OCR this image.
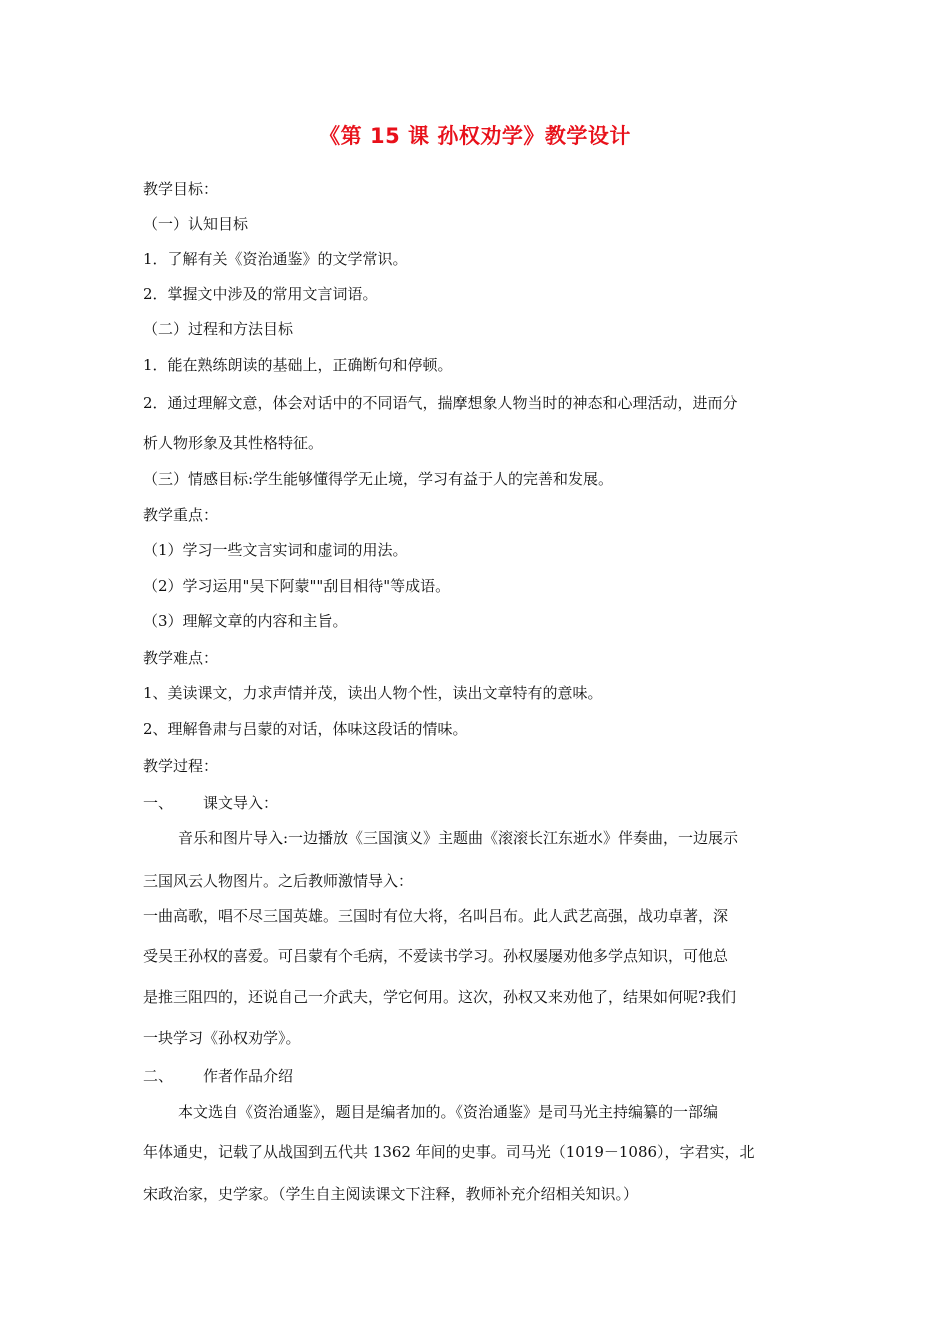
《第 15 课 孙权劝学》教学设计
教学目标：
（一）认知目标
1．了解有关《资治通鉴》的文学常识。
2．掌握文中涉及的常用文言词语。
（二）过程和方法目标
1．能在熟练朗读的基础上，正确断句和停顿。
2．通过理解文意，体会对话中的不同语气，揣摩想象人物当时的神态和心理活动，进而分
析人物形象及其性格特征。
（三）情感目标:学生能够懂得学无止境，学习有益于人的完善和发展。
教学重点：
（1）学习一些文言实词和虚词的用法。
（2）学习运用"吴下阿蒙""刮目相待"等成语。
（3）理解文章的内容和主旨。
教学难点：
1、美读课文，力求声情并茂，读出人物个性，读出文章特有的意味。
2、理解鲁肃与吕蒙的对话，体味这段话的情味。
教学过程：
一、 课文导入：
音乐和图片导入:一边播放《三国演义》主题曲《滚滚长江东逝水》伴奏曲，一边展示
三国风云人物图片。之后教师激情导入：
一曲高歌，唱不尽三国英雄。三国时有位大将，名叫吕布。此人武艺高强，战功卓著，深
受吴王孙权的喜爱。可吕蒙有个毛病，不爱读书学习。孙权屡屡劝他多学点知识，可他总
是推三阻四的，还说自己一介武夫，学它何用。这次，孙权又来劝他了，结果如何呢?我们
一块学习《孙权劝学》。
二、 作者作品介绍
本文选自《资治通鉴》，题目是编者加的。《资治通鉴》是司马光主持编纂的一部编
年体通史，记载了从战国到五代共 1362 年间的史事。司马光（1019－1086），字君实，北
宋政治家，史学家。（学生自主阅读课文下注释，教师补充介绍相关知识。）
